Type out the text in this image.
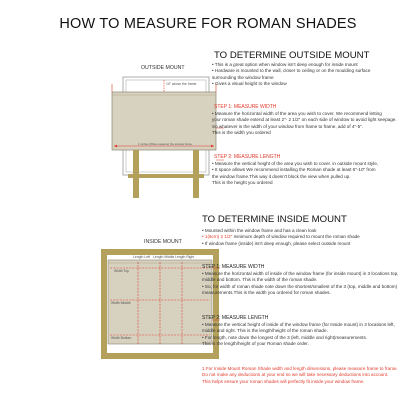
HOW TO MEASURE FOR ROMAN SHADES
OUTSIDE MOUNT
10" above the frame
1 inches (Wide-measure) the window frame
TO DETERMINE OUTSIDE MOUNT
• This is a great option when window isn't deep enough for inside mount
• Hardware is mounted to the wall, closer to ceiling or on the moulding surface
surrounding the window frame
• Gives a visual height to the window
STEP 1: MEASURE WIDTH
• Measure the horizontal width of the area you wish to cover. We recommend letting
your roman shade extend at least 2"- 2 1/2" on each side of window to avoid light seepage.
So whatever is the width of your window from frame to frame, add of 4"-5".
This is the width you ordered
STEP 2: MEASURE LENGTH
• Measure the vertical height of the area you wish to cover. in outside mount style,
• It space allows We recommend installing the Roman shade at least 6"-10" from
the window frame.This way it doesn't block the view when pulled up.
This is the height you ordered
TO DETERMINE INSIDE MOUNT
INSIDE MOUNT
Length Left Length Middle Length Right
Width Top
Width Middle
Width Bottom
• Mounted within the window frame and has a clean look
• 1(6cm) 2 1/2" minimum depth of window required to mount the roman shade
• If window frame (inside) isn't deep enough, please select outside mount
STEP 1: MEASURE WIDTH
• Measure the horizontal width of inside of the window frame (for inside mount) in 3 locations top,
middle and bottom. This is the width of the roman shade.
• So, for width of roman shade note down the shortest/smallest of the 3 (top, middle and bottom)
measurements.This is the width you ordered for roman shades.
STEP 2: MEASURE LENGTH
• Measure the vertical height of inside of the window frame (for Inside mount) in 3 locations left,
middle and right. This is the length/height of the roman shade.
• For length, note down the longest of the 3 (left, middle and right)measurements.
This is the length/height of your Roman shade order.
1.For Inside Mount Roman Shade width and length dimensions, please measure frame to frame.
Do not make any deductions at your end so we will take necessary deductions into account.
This helps ensure your roman shades will perfectly fit inside your window frame.
